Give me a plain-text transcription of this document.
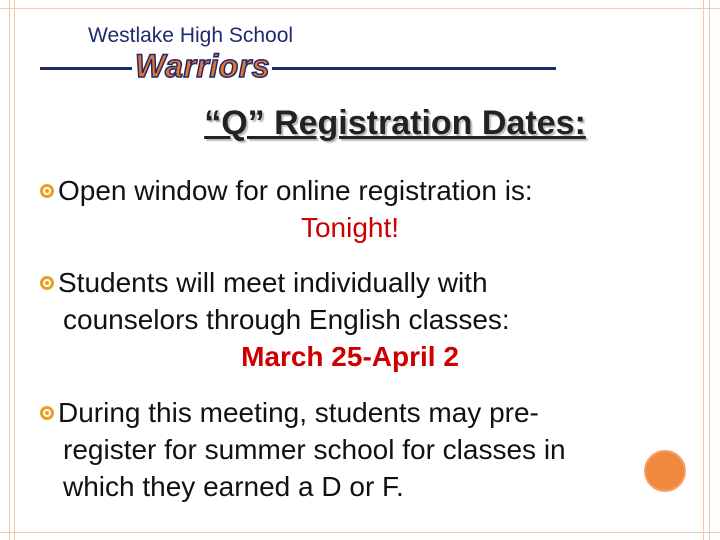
Westlake High School
Warriors
“Q” Registration Dates:
Open window for online registration is:
Tonight!
Students will meet individually with
counselors through English classes:
March 25-April 2
During this meeting, students may pre-
register for summer school for classes in
which they earned a D or F.
